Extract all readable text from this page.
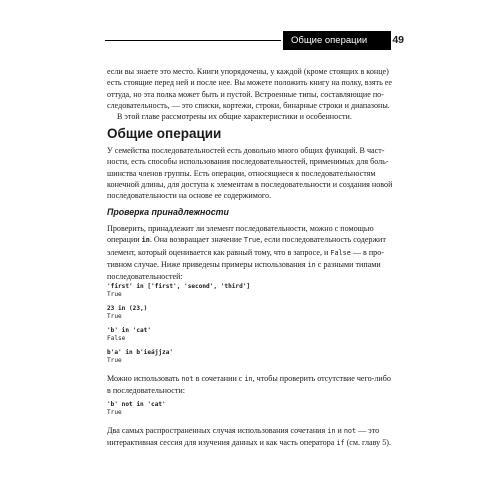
Общие операции	49

если вы знаете это место. Книги упорядочены, у каждой (кроме стоящих в конце)

есть стоящие перед ней и после нее. Вы можете положить книгу на полку, взять ее

оттуда, но эта полка может быть и пустой. Встроенные типы, составляющие по-

следовательность, — это списки, кортежи, строки, бинарные строки и диапазоны.

В этой главе рассмотрены их общие характеристики и особенности.

Общие операции

У семейства последовательностей есть довольно много общих функций. В част-

ности, есть способы использования последовательностей, применимых для боль-

шинства членов группы. Есть операции, относящиеся к последовательностям

конечной длины, для доступа к элементам в последовательности и создания новой

последовательности на основе ее содержимого.

Проверка принадлежности

Проверить, принадлежит ли элемент последовательности, можно с помощью

операции in. Она возвращает значение True, если последовательность содержит

элемент, который оценивается как равный тому, что в запросе, и False — в про-

тивном случае. Ниже приведены примеры использования in с разными типами

последовательностей:

'first' in ['first', 'second', 'third']
True
23 in (23,)
True
'b' in 'cat'
False
b'a' in b'ieájjza'
True

Можно использовать not в сочетании с in, чтобы проверить отсутствие чего-либо

в последовательности:

'b' not in 'cat'
True

Два самых распространенных случая использования сочетания in и not — это

интерактивная сессия для изучения данных и как часть оператора if (см. главу 5).
